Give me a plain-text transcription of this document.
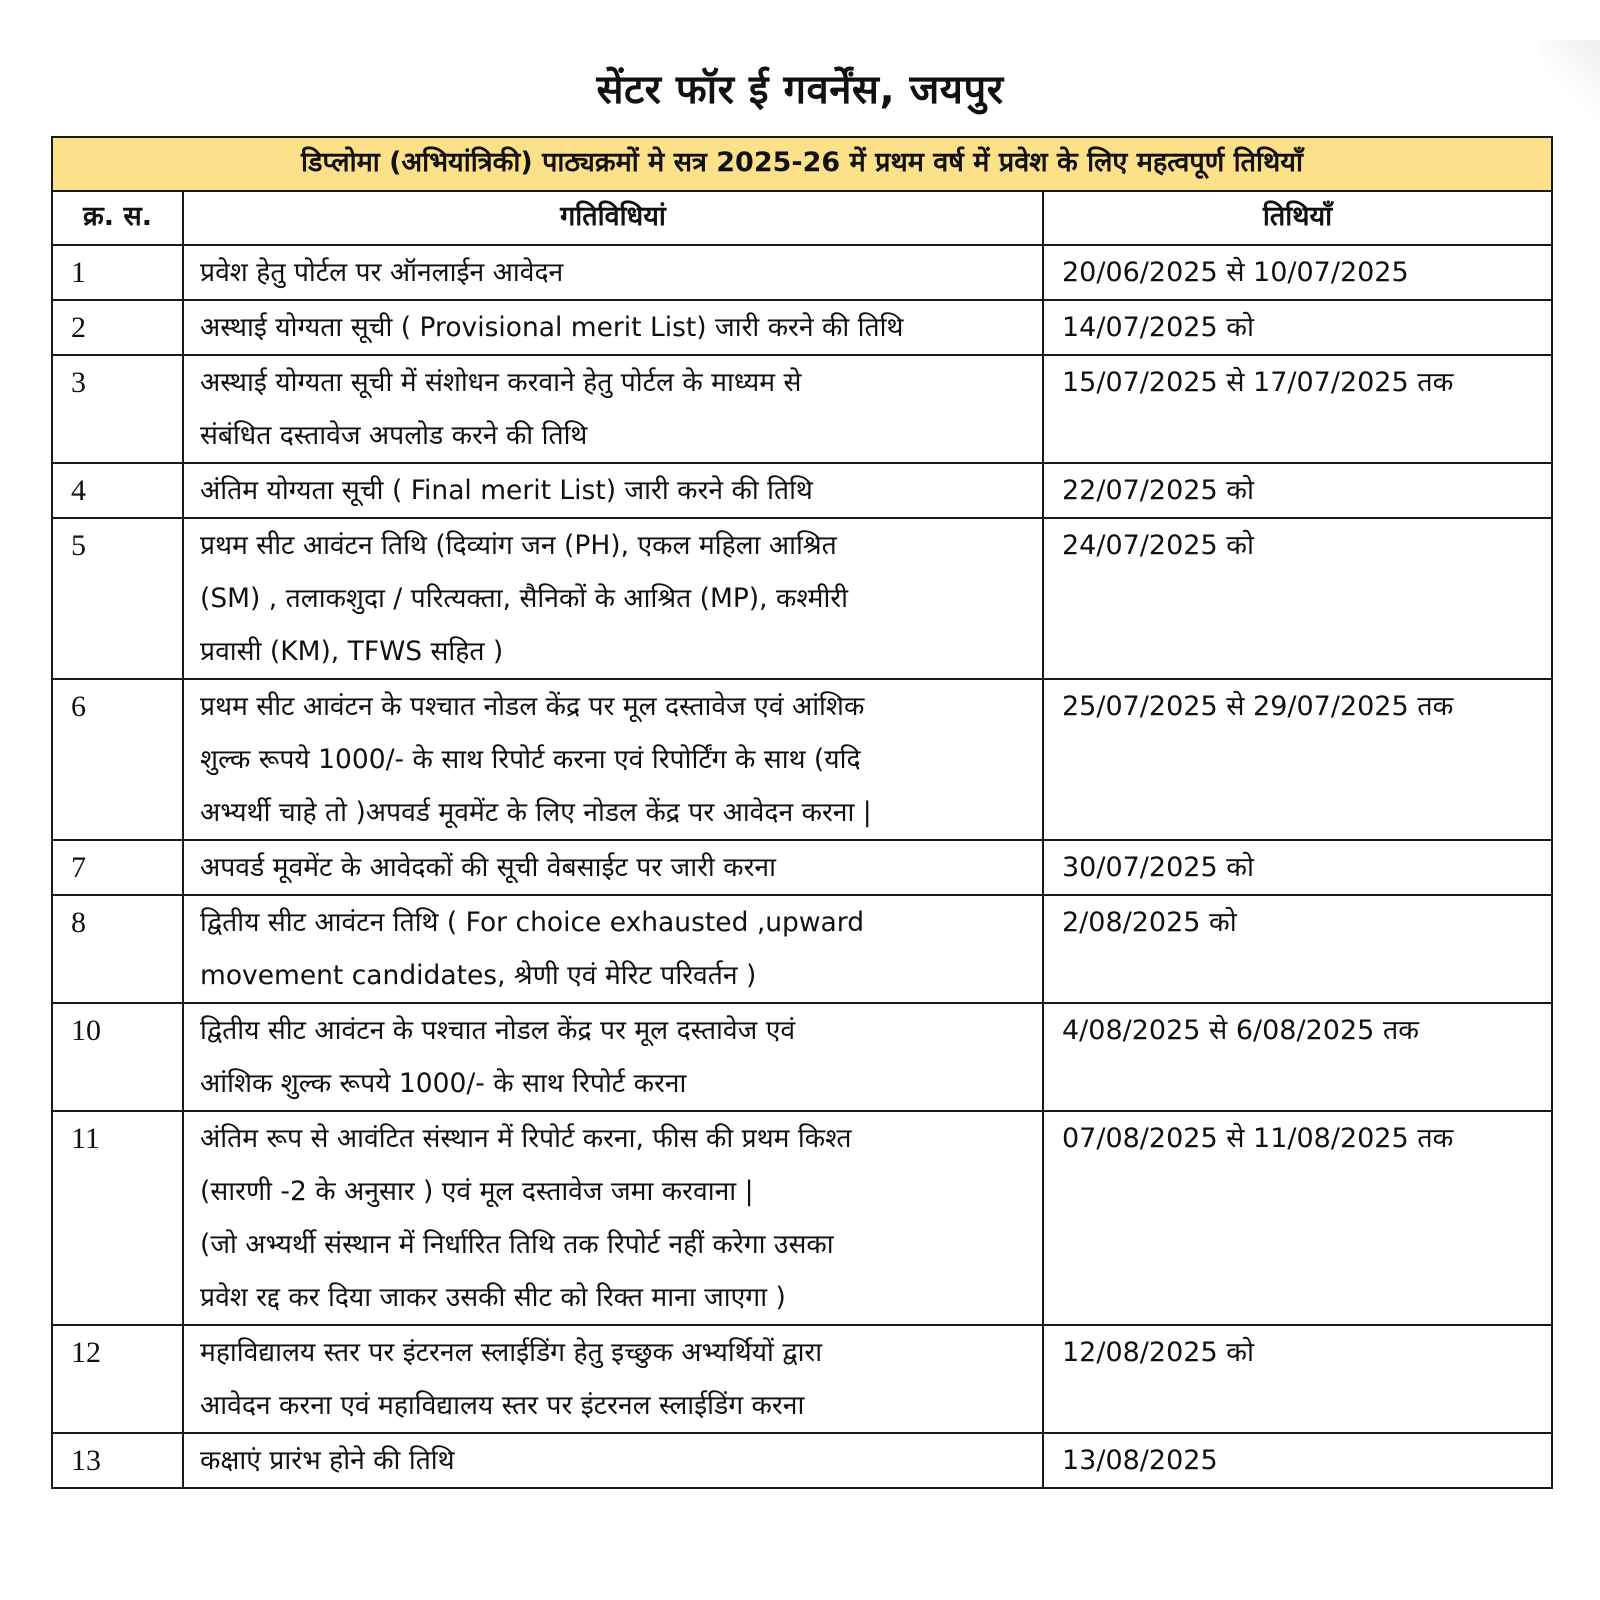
सेंटर फॉर ई गवर्नेंस, जयपुर
डिप्लोमा (अभियांत्रिकी) पाठ्यक्रमों मे सत्र 2025-26 में प्रथम वर्ष में प्रवेश के लिए महत्वपूर्ण तिथियाँ		
क्र. स.	गतिविधियां	तिथियाँ
1	प्रवेश हेतु पोर्टल पर ऑनलाईन आवेदन	20/06/2025 से 10/07/2025
2	अस्थाई योग्यता सूची ( Provisional merit List) जारी करने की तिथि	14/07/2025 को
3	अस्थाई योग्यता सूची में संशोधन करवाने हेतु पोर्टल के माध्यम से
संबंधित दस्तावेज अपलोड करने की तिथि	15/07/2025 से 17/07/2025 तक
4	अंतिम योग्यता सूची ( Final merit List) जारी करने की तिथि	22/07/2025 को
5	प्रथम सीट आवंटन तिथि (दिव्यांग जन (PH), एकल महिला आश्रित
(SM) , तलाकशुदा / परित्यक्ता, सैनिकों के आश्रित (MP), कश्मीरी
प्रवासी (KM), TFWS सहित )	24/07/2025 को
6	प्रथम सीट आवंटन के पश्चात नोडल केंद्र पर मूल दस्तावेज एवं आंशिक
शुल्क रूपये 1000/- के साथ रिपोर्ट करना एवं रिपोर्टिंग के साथ (यदि
अभ्यर्थी चाहे तो )अपवर्ड मूवमेंट के लिए नोडल केंद्र पर आवेदन करना |	25/07/2025 से 29/07/2025 तक
7	अपवर्ड मूवमेंट के आवेदकों की सूची वेबसाईट पर जारी करना	30/07/2025 को
8	द्वितीय सीट आवंटन तिथि ( For choice exhausted ,upward
movement candidates, श्रेणी एवं मेरिट परिवर्तन )	2/08/2025 को
10	द्वितीय सीट आवंटन के पश्चात नोडल केंद्र पर मूल दस्तावेज एवं
आंशिक शुल्क रूपये 1000/- के साथ रिपोर्ट करना	4/08/2025 से 6/08/2025 तक
11	अंतिम रूप से आवंटित संस्थान में रिपोर्ट करना, फीस की प्रथम किश्त
(सारणी -2 के अनुसार ) एवं मूल दस्तावेज जमा करवाना |
(जो अभ्यर्थी संस्थान में निर्धारित तिथि तक रिपोर्ट नहीं करेगा उसका
प्रवेश रद्द कर दिया जाकर उसकी सीट को रिक्त माना जाएगा )	07/08/2025 से 11/08/2025 तक
12	महाविद्यालय स्तर पर इंटरनल स्लाईडिंग हेतु इच्छुक अभ्यर्थियों द्वारा
आवेदन करना एवं महाविद्यालय स्तर पर इंटरनल स्लाईडिंग करना	12/08/2025 को
13	कक्षाएं प्रारंभ होने की तिथि	13/08/2025
